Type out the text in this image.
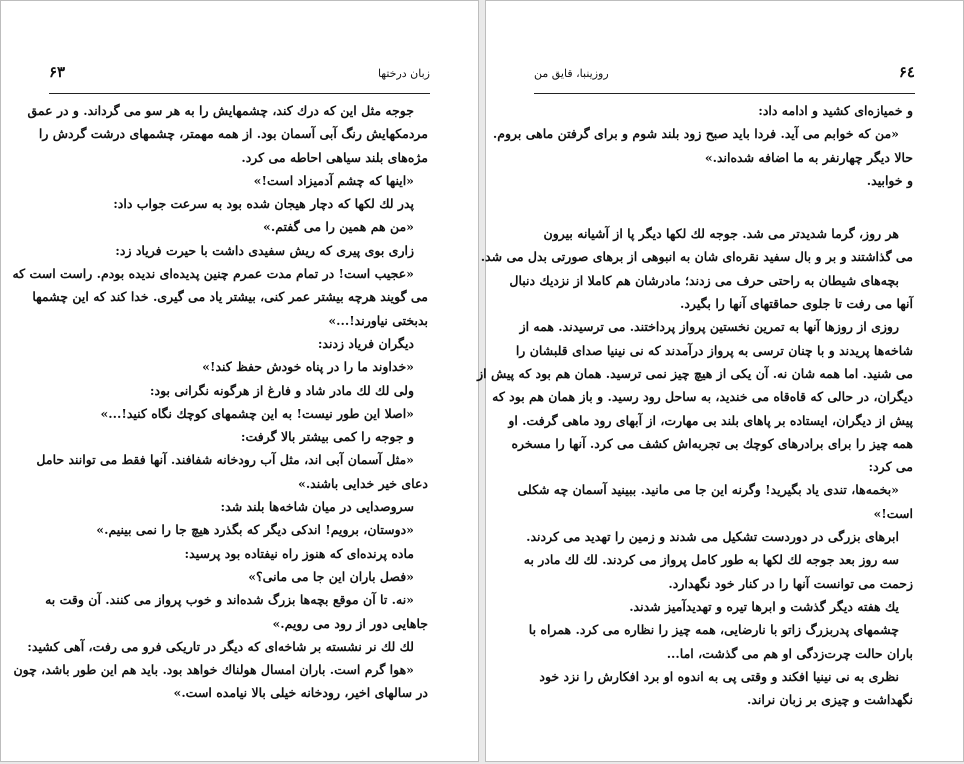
۶۳	زبان درختها
جوجه مثل این که درك كند، چشمهایش را به هر سو می گرداند. و در عمق
مردمکهایش رنگ آبی آسمان بود. از همه مهمتر، چشمهای درشت گردش را
مژه‌های بلند سیاهی احاطه می کرد.
«اینها که چشم آدمیزاد است!»
پدر لك لكها که دچار هیجان شده بود به سرعت جواب داد:
«من هم همین را می گفتم.»
زاری بوی پیری که ریش سفیدی داشت با حیرت فریاد زد:
«عجیب است! در تمام مدت عمرم چنین پدیده‌ای ندیده بودم. راست است که
می گویند هرچه بیشتر عمر کنی، بیشتر یاد می گیری. خدا کند که این چشمها
بدبختی نیاورند!...»
دیگران فریاد زدند:
«خداوند ما را در پناه خودش حفظ کند!»
ولی لك لك مادر شاد و فارغ از هرگونه نگرانی بود:
«اصلا این طور نیست! به این چشمهای کوچك نگاه کنید!...»
و جوجه را کمی بیشتر بالا گرفت:
«مثل آسمان آبی اند، مثل آب رودخانه شفافند. آنها فقط می توانند حامل
دعای خیر خدایی باشند.»
سروصدایی در میان شاخه‌ها بلند شد:
«دوستان، برویم! اندکی دیگر که بگذرد هیچ جا را نمی بینیم.»
ماده پرنده‌ای که هنوز راه نیفتاده بود پرسید:
«فصل باران این جا می مانی؟»
«نه. تا آن موقع بچه‌ها بزرگ شده‌اند و خوب پرواز می کنند. آن وقت به
جاهایی دور از رود می رویم.»
لك لك نر نشسته بر شاخه‌ای که دیگر در تاریکی فرو می رفت، آهی کشید:
«هوا گرم است. باران امسال هولناك خواهد بود. باید هم این طور باشد، چون
در سالهای اخیر، رودخانه خیلی بالا نیامده است.»
۶٤
روزینبا، قایق من
و خمیازه‌ای کشید و ادامه داد:
«من که خوابم می آید. فردا باید صبح زود بلند شوم و برای گرفتن ماهی بروم.
حالا دیگر چهارنفر به ما اضافه شده‌اند.»
و خوابید.
هر روز، گرما شدیدتر می شد. جوجه لك لكها دیگر پا از آشیانه بیرون
می گذاشتند و بر و بال سفید نقره‌ای شان به انبوهی از برهای صورتی بدل می شد.
بچه‌های شیطان به راحتی حرف می زدند؛ مادرشان هم کاملا از نزدیك دنبال
آنها می رفت تا جلوی حماقتهای آنها را بگیرد.
روزی از روزها آنها به تمرین نخستین پرواز پرداختند. می ترسیدند. همه از
شاخه‌ها پریدند و با چنان ترسی به پرواز درآمدند که نی نینیا صدای قلبشان را
می شنید. اما همه شان نه. آن یکی از هیچ چیز نمی ترسید. همان هم بود که پیش از
دیگران، در حالی که قاه‌قاه می خندید، به ساحل رود رسید. و باز همان هم بود که
پیش از دیگران، ایستاده بر پاهای بلند بی مهارت، از آبهای رود ماهی گرفت. او
همه چیز را برای برادرهای کوچك بی تجربه‌اش کشف می کرد. آنها را مسخره
می کرد:
«بخمه‌ها، تندی یاد بگیرید! وگرنه این جا می مانید. ببینید آسمان چه شکلی
است!»
ابرهای بزرگی در دوردست تشکیل می شدند و زمین را تهدید می کردند.
سه روز بعد جوجه لك لكها به طور کامل پرواز می کردند. لك لك مادر به
زحمت می توانست آنها را در کنار خود نگهدارد.
یك هفته دیگر گذشت و ابرها تیره و تهدیدآمیز شدند.
چشمهای پدربزرگ زاتو با نارضایی، همه چیز را نظاره می کرد. همراه با
باران حالت چرت‌زدگی او هم می گذشت، اما...
نظری به نی نینیا افکند و وقتی پی به اندوه او برد افکارش را نزد خود
نگهداشت و چیزی بر زبان نراند.
